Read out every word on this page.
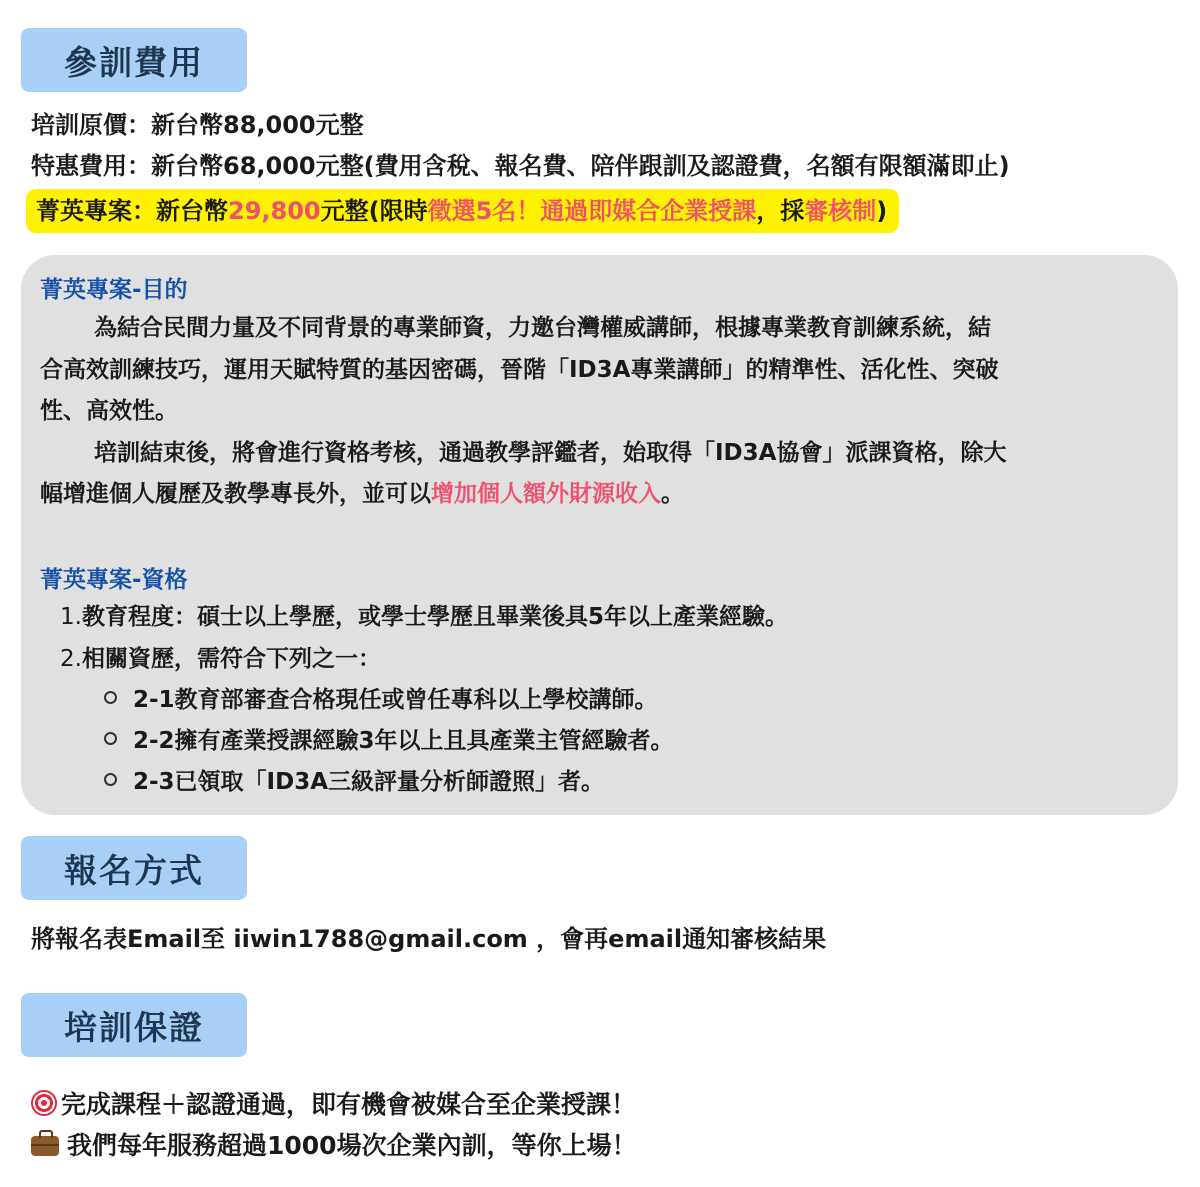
參訓費用
培訓原價：新台幣88,000元整
特惠費用：新台幣68,000元整(費用含稅、報名費、陪伴跟訓及認證費，名額有限額滿即止)
菁英專案：新台幣29,800元整(限時徵選5名！通過即媒合企業授課，採審核制)
菁英專案-目的
為結合民間力量及不同背景的專業師資，力邀台灣權威講師，根據專業教育訓練系統，結
合高效訓練技巧，運用天賦特質的基因密碼，晉階「ID3A專業講師」的精準性、活化性、突破
性、高效性。
培訓結束後，將會進行資格考核，通過教學評鑑者，始取得「ID3A協會」派課資格，除大
幅增進個人履歷及教學專長外，並可以增加個人額外財源收入。
菁英專案-資格
1.教育程度：碩士以上學歷，或學士學歷且畢業後具5年以上產業經驗。
2.相關資歷，需符合下列之一：
2-1教育部審查合格現任或曾任專科以上學校講師。
2-2擁有產業授課經驗3年以上且具產業主管經驗者。
2-3已領取「ID3A三級評量分析師證照」者。
報名方式
將報名表Email至 iiwin1788@gmail.com ，會再email通知審核結果
培訓保證
完成課程＋認證通過，即有機會被媒合至企業授課！
我們每年服務超過1000場次企業內訓，等你上場！
